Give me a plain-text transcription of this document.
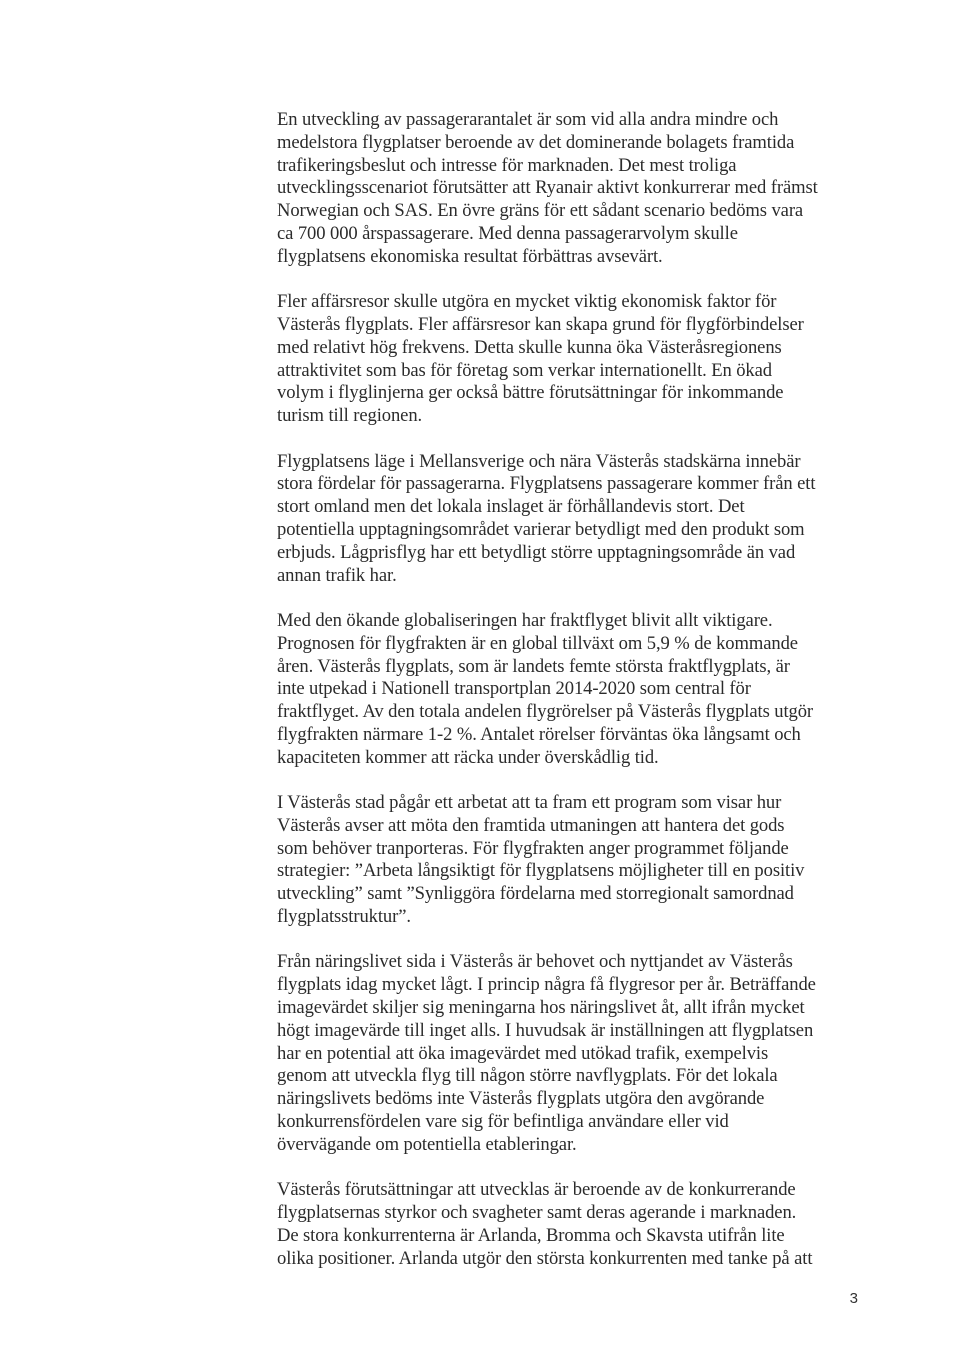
En utveckling av passagerarantalet är som vid alla andra mindre och
medelstora flygplatser beroende av det dominerande bolagets framtida
trafikeringsbeslut och intresse för marknaden. Det mest troliga
utvecklingsscenariot förutsätter att Ryanair aktivt konkurrerar med främst
Norwegian och SAS. En övre gräns för ett sådant scenario bedöms vara
ca 700 000 årspassagerare. Med denna passagerarvolym skulle
flygplatsens ekonomiska resultat förbättras avsevärt.

Fler affärsresor skulle utgöra en mycket viktig ekonomisk faktor för
Västerås flygplats. Fler affärsresor kan skapa grund för flygförbindelser
med relativt hög frekvens. Detta skulle kunna öka Västeråsregionens
attraktivitet som bas för företag som verkar internationellt. En ökad
volym i flyglinjerna ger också bättre förutsättningar för inkommande
turism till regionen.

Flygplatsens läge i Mellansverige och nära Västerås stadskärna innebär
stora fördelar för passagerarna. Flygplatsens passagerare kommer från ett
stort omland men det lokala inslaget är förhållandevis stort. Det
potentiella upptagningsområdet varierar betydligt med den produkt som
erbjuds. Lågprisflyg har ett betydligt större upptagningsområde än vad
annan trafik har.

Med den ökande globaliseringen har fraktflyget blivit allt viktigare.
Prognosen för flygfrakten är en global tillväxt om 5,9 % de kommande
åren. Västerås flygplats, som är landets femte största fraktflygplats, är
inte utpekad i Nationell transportplan 2014-2020 som central för
fraktflyget. Av den totala andelen flygrörelser på Västerås flygplats utgör
flygfrakten närmare 1-2 %. Antalet rörelser förväntas öka långsamt och
kapaciteten kommer att räcka under överskådlig tid.

I Västerås stad pågår ett arbetat att ta fram ett program som visar hur
Västerås avser att möta den framtida utmaningen att hantera det gods
som behöver tranporteras. För flygfrakten anger programmet följande
strategier: ”Arbeta långsiktigt för flygplatsens möjligheter till en positiv
utveckling” samt ”Synliggöra fördelarna med storregionalt samordnad
flygplatsstruktur”.

Från näringslivet sida i Västerås är behovet och nyttjandet av Västerås
flygplats idag mycket lågt. I princip några få flygresor per år. Beträffande
imagevärdet skiljer sig meningarna hos näringslivet åt, allt ifrån mycket
högt imagevärde till inget alls. I huvudsak är inställningen att flygplatsen
har en potential att öka imagevärdet med utökad trafik, exempelvis
genom att utveckla flyg till någon större navflygplats. För det lokala
näringslivets bedöms inte Västerås flygplats utgöra den avgörande
konkurrensfördelen vare sig för befintliga användare eller vid
övervägande om potentiella etableringar.

Västerås förutsättningar att utvecklas är beroende av de konkurrerande
flygplatsernas styrkor och svagheter samt deras agerande i marknaden.
De stora konkurrenterna är Arlanda, Bromma och Skavsta utifrån lite
olika positioner. Arlanda utgör den största konkurrenten med tanke på att

3
